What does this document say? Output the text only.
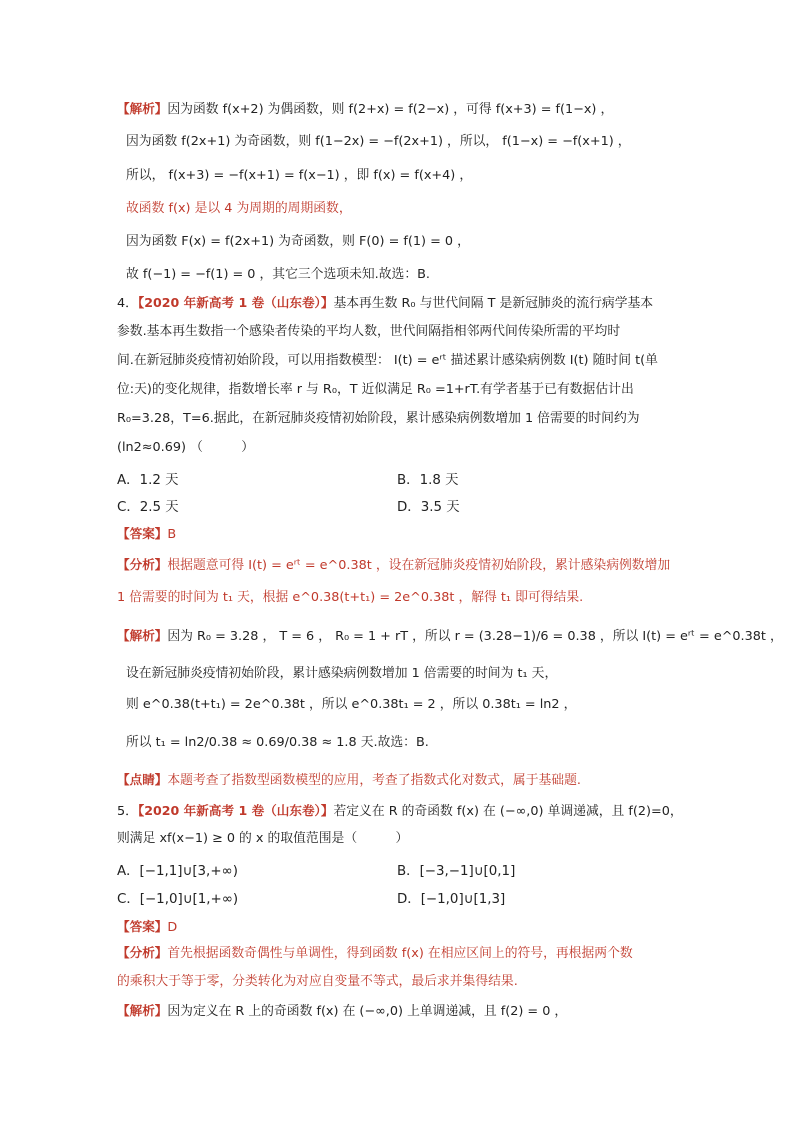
【解析】因为函数 f(x+2) 为偶函数，则 f(2+x) = f(2−x) ，可得 f(x+3) = f(1−x) ，
因为函数 f(2x+1) 为奇函数，则 f(1−2x) = −f(2x+1) ，所以， f(1−x) = −f(x+1) ，
所以， f(x+3) = −f(x+1) = f(x−1) ，即 f(x) = f(x+4) ，
故函数 f(x) 是以 4 为周期的周期函数，
因为函数 F(x) = f(2x+1) 为奇函数，则 F(0) = f(1) = 0 ，
故 f(−1) = −f(1) = 0 ，其它三个选项未知.故选：B.
4．【2020 年新高考 1 卷（山东卷）】基本再生数 R₀ 与世代间隔 T 是新冠肺炎的流行病学基本
参数.基本再生数指一个感染者传染的平均人数，世代间隔指相邻两代间传染所需的平均时
间.在新冠肺炎疫情初始阶段，可以用指数模型： I(t) = eʳᵗ 描述累计感染病例数 I(t) 随时间 t(单
位:天)的变化规律，指数增长率 r 与 R₀，T 近似满足 R₀ =1+rT.有学者基于已有数据估计出
R₀=3.28，T=6.据此，在新冠肺炎疫情初始阶段，累计感染病例数增加 1 倍需要的时间约为
(ln2≈0.69) （　　　）
A．1.2 天	B．1.8 天
C．2.5 天	D．3.5 天
【答案】B
【分析】根据题意可得 I(t) = eʳᵗ = e^0.38t ，设在新冠肺炎疫情初始阶段，累计感染病例数增加
1 倍需要的时间为 t₁ 天，根据 e^0.38(t+t₁) = 2e^0.38t ，解得 t₁ 即可得结果.
【解析】因为 R₀ = 3.28 ， T = 6 ， R₀ = 1 + rT ，所以 r = (3.28−1)/6 = 0.38 ，所以 I(t) = eʳᵗ = e^0.38t ，
设在新冠肺炎疫情初始阶段，累计感染病例数增加 1 倍需要的时间为 t₁ 天，
则 e^0.38(t+t₁) = 2e^0.38t ，所以 e^0.38t₁ = 2 ，所以 0.38t₁ = ln2 ，
所以 t₁ = ln2/0.38 ≈ 0.69/0.38 ≈ 1.8 天.故选：B.
【点睛】本题考查了指数型函数模型的应用，考查了指数式化对数式，属于基础题.
5．【2020 年新高考 1 卷（山东卷）】若定义在 R 的奇函数 f(x) 在 (−∞,0) 单调递减，且 f(2)=0，
则满足 xf(x−1) ≥ 0 的 x 的取值范围是（　　　）
A．[−1,1]∪[3,+∞)	B．[−3,−1]∪[0,1]
C．[−1,0]∪[1,+∞)	D．[−1,0]∪[1,3]
【答案】D
【分析】首先根据函数奇偶性与单调性，得到函数 f(x) 在相应区间上的符号，再根据两个数
的乘积大于等于零，分类转化为对应自变量不等式，最后求并集得结果.
【解析】因为定义在 R 上的奇函数 f(x) 在 (−∞,0) 上单调递减，且 f(2) = 0 ，
